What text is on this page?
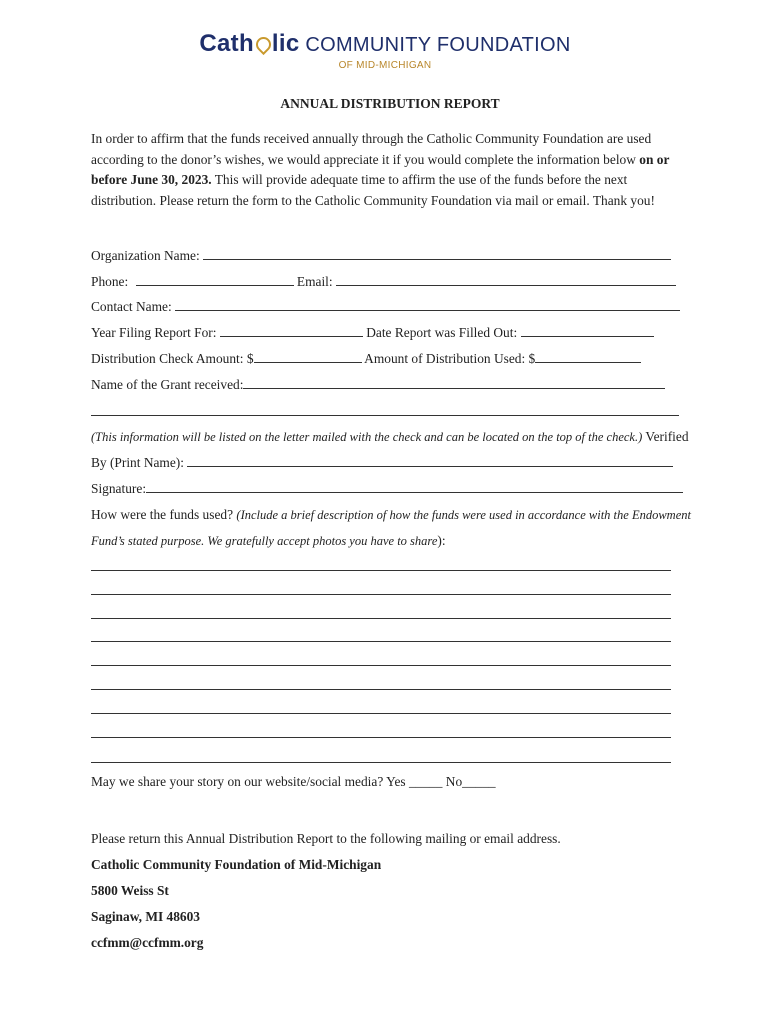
Cath lic COMMUNITY FOUNDATION
OF MID-MICHIGAN
ANNUAL DISTRIBUTION REPORT
In order to affirm that the funds received annually through the Catholic Community Foundation are used according to the donor’s wishes, we would appreciate it if you would complete the information below on or before June 30, 2023. This will provide adequate time to affirm the use of the funds before the next distribution. Please return the form to the Catholic Community Foundation via mail or email. Thank you!
Organization Name:
Phone:	Email:
Contact Name:
Year Filing Report For:	Date Report was Filled Out:
Distribution Check Amount: $	Amount of Distribution Used: $
Name of the Grant received:
(This information will be listed on the letter mailed with the check and can be located on the top of the check.) Verified
By (Print Name):
Signature:
How were the funds used? (Include a brief description of how the funds were used in accordance with the Endowment
Fund’s stated purpose. We gratefully accept photos you have to share):
May we share your story on our website/social media? Yes _____ No_____
Please return this Annual Distribution Report to the following mailing or email address.
Catholic Community Foundation of Mid-Michigan
5800 Weiss St
Saginaw, MI 48603
ccfmm@ccfmm.org
